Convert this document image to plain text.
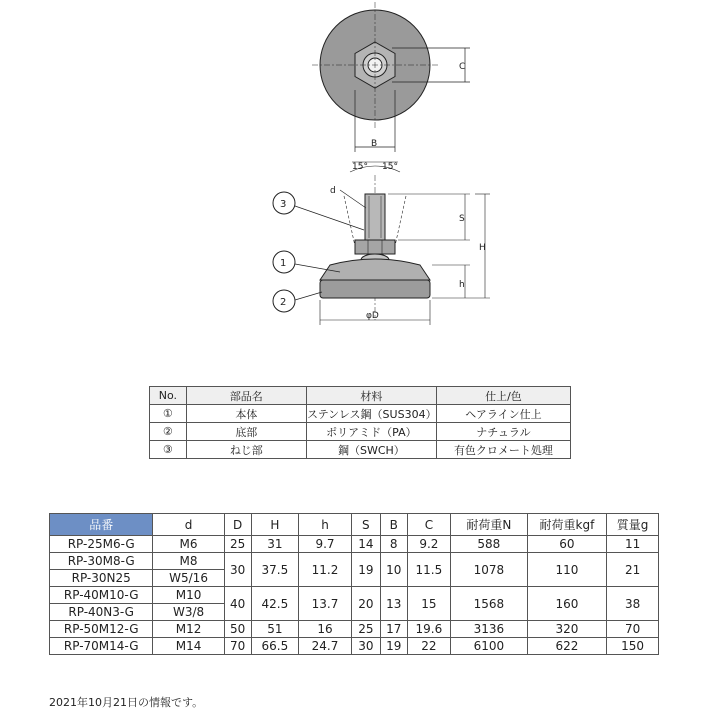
C
B
15° 15°
d
S
H
h
φD
3
1
2
No.	部品名	材料	仕上/色
①	本体	ステンレス鋼（SUS304）	ヘアライン仕上
②	底部	ポリアミド（PA）	ナチュラル
③	ねじ部	鋼（SWCH）	有色クロメート処理
品番	d	D	H	h	S	B	C	耐荷重N	耐荷重kgf	質量g
RP-25M6-G	M6	25	31	9.7	14	8	9.2	588	60	11
RP-30M8-G	M8	30	37.5	11.2	19	10	11.5	1078	110	21
RP-30N25	W5/16									
RP-40M10-G	M10	40	42.5	13.7	20	13	15	1568	160	38
RP-40N3-G	W3/8									
RP-50M12-G	M12	50	51	16	25	17	19.6	3136	320	70
RP-70M14-G	M14	70	66.5	24.7	30	19	22	6100	622	150
2021年10月21日の情報です。
